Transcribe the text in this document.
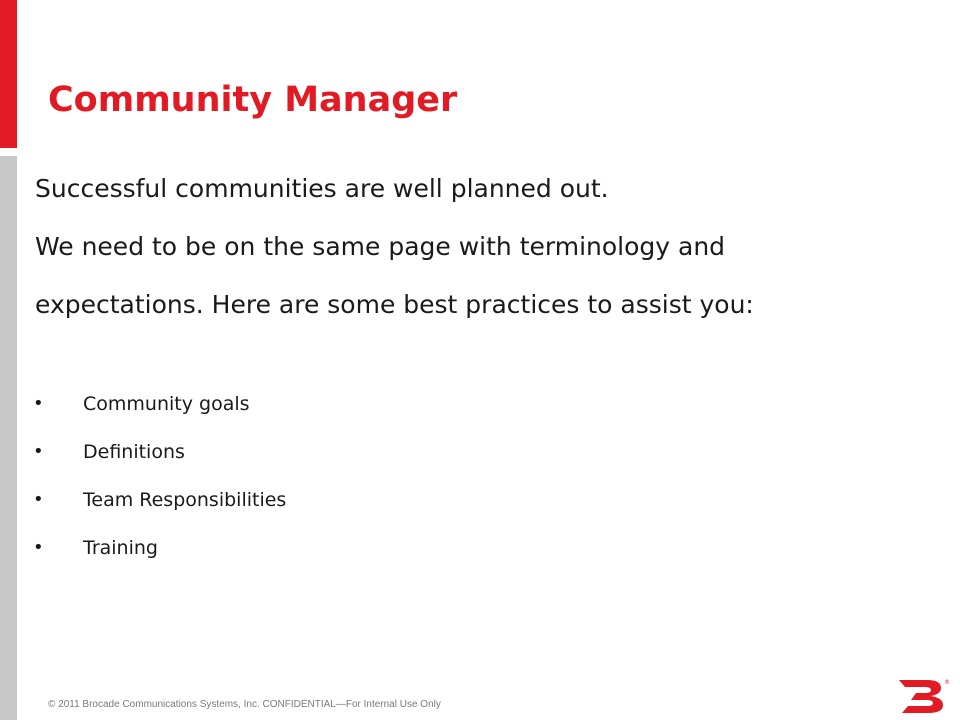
Community Manager
Successful communities are well planned out.
We need to be on the same page with terminology and
expectations. Here are some best practices to assist you:
• Community goals
• Definitions
• Team Responsibilities
• Training
© 2011 Brocade Communications Systems, Inc. CONFIDENTIAL—For Internal Use Only
®
